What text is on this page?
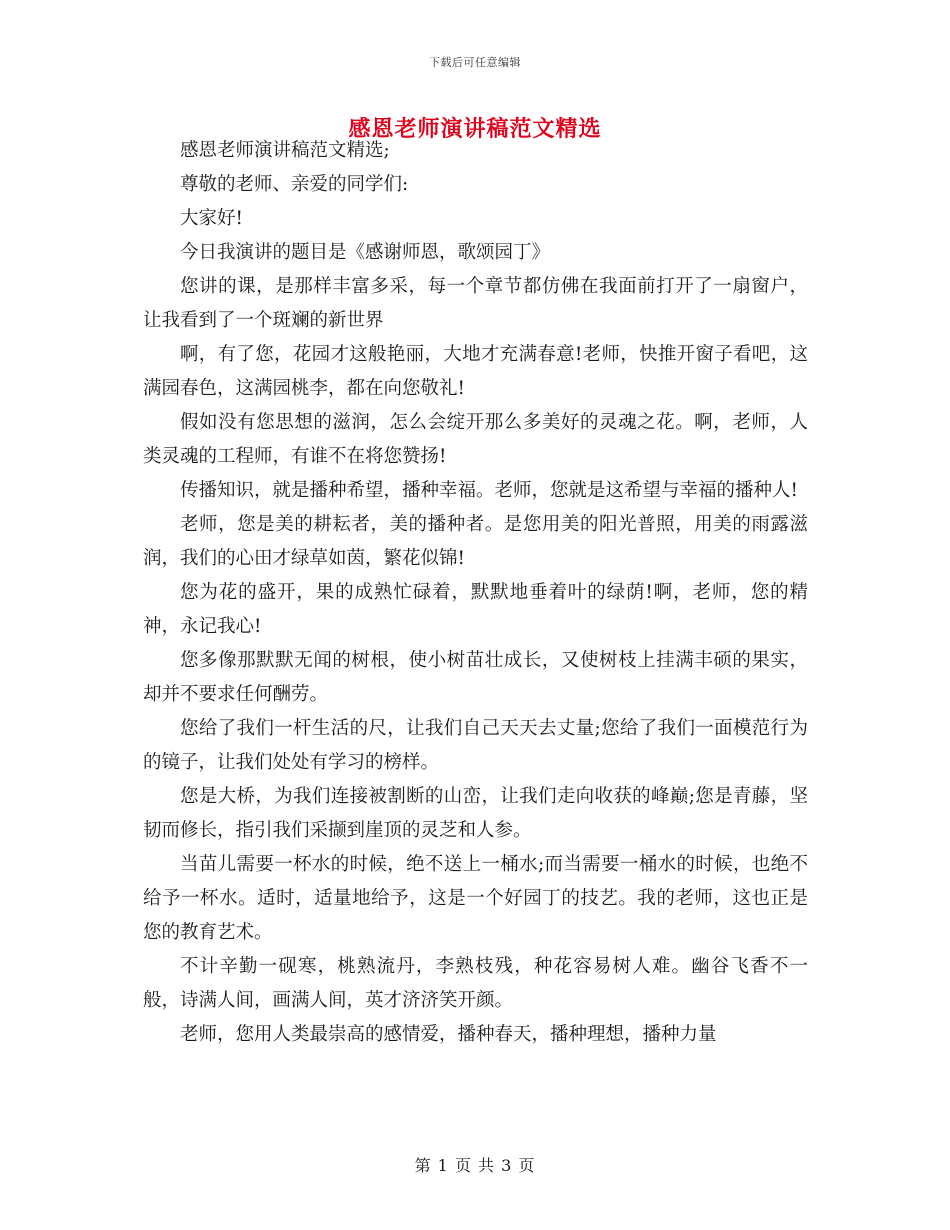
下载后可任意编辑
感恩老师演讲稿范文精选

感恩老师演讲稿范文精选;

尊敬的老师、亲爱的同学们:

大家好!

今日我演讲的题目是《感谢师恩，歌颂园丁》

您讲的课，是那样丰富多采，每一个章节都仿佛在我面前打开了一扇窗户，让我看到了一个斑斓的新世界

啊，有了您，花园才这般艳丽，大地才充满春意!老师，快推开窗子看吧，这满园春色，这满园桃李，都在向您敬礼!

假如没有您思想的滋润，怎么会绽开那么多美好的灵魂之花。啊，老师，人类灵魂的工程师，有谁不在将您赞扬!

传播知识，就是播种希望，播种幸福。老师，您就是这希望与幸福的播种人!

老师，您是美的耕耘者，美的播种者。是您用美的阳光普照，用美的雨露滋润，我们的心田才绿草如茵，繁花似锦!

您为花的盛开，果的成熟忙碌着，默默地垂着叶的绿荫!啊，老师，您的精神，永记我心!

您多像那默默无闻的树根，使小树苗壮成长，又使树枝上挂满丰硕的果实，却并不要求任何酬劳。

您给了我们一杆生活的尺，让我们自己天天去丈量;您给了我们一面模范行为的镜子，让我们处处有学习的榜样。

您是大桥，为我们连接被割断的山峦，让我们走向收获的峰巅;您是青藤，坚韧而修长，指引我们采撷到崖顶的灵芝和人参。

当苗儿需要一杯水的时候，绝不送上一桶水;而当需要一桶水的时候，也绝不给予一杯水。适时，适量地给予，这是一个好园丁的技艺。我的老师，这也正是您的教育艺术。

不计辛勤一砚寒，桃熟流丹，李熟枝残，种花容易树人难。幽谷飞香不一般，诗满人间，画满人间，英才济济笑开颜。

老师，您用人类最崇高的感情爱，播种春天，播种理想，播种力量

第 1 页 共 3 页
